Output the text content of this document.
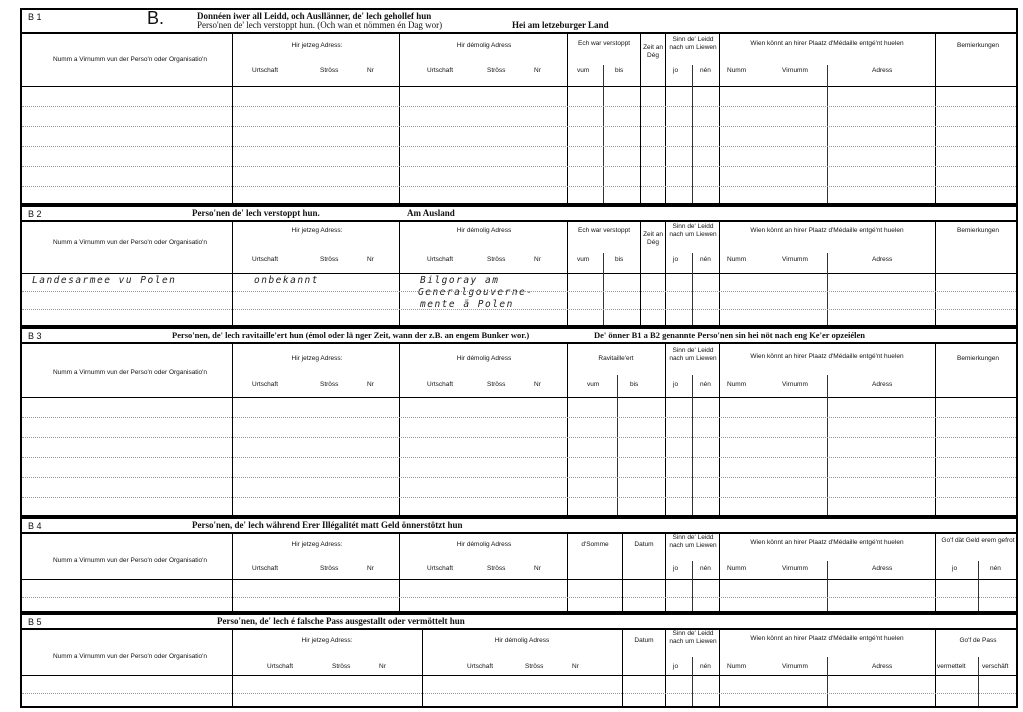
B 1	B.	Donnéen iwer all Leidd, och Ausllänner, de' lech gehollef hun
Perso'nen de' lech verstoppt hun. (Och wan et nömmen én Dag wor)	Hei am letzeburger Land
Numm a Virnumm vun der Perso'n oder Organisatio'n
Hir jetzeg Adress:
Urtschaft	Ströss	Nr
Hir démolig Adress
Urtschaft	Ströss	Nr
Ech war verstoppt
vum	bis
Zeit an Dég
Sinn de' Leidd nach um Liewen
jo	nén
Wien könnt an hirer Plaatz d'Médaille entgé'nt huelen
Numm	Virnumm	Adress
Bemierkungen
B 2	Perso'nen de' lech verstoppt hun.	Am Ausland
Numm a Virnumm vun der Perso'n oder Organisatio'n
Hir jetzeg Adress:
Urtschaft	Ströss	Nr
Hir démolig Adress
Urtschaft	Ströss	Nr
Ech war verstoppt
vum	bis
Zeit an Dég
Sinn de' Leidd nach um Liewen
jo	nén
Wien könnt an hirer Plaatz d'Médaille entgé'nt huelen
Numm	Virnumm	Adress
Bemierkungen
Landesarmee vu Polen	onbekannt	Bilgoray am
Generalgouverne-
mente ä Polen
B 3	Perso'nen, de' lech ravitaille'ert hun (émol oder lä nger Zeit, wann der z.B. an engem Bunker wor.)	De' önner B1 a B2 genannte Perso'nen sin hei nöt nach eng Ke'er opzeiélen
Numm a Virnumm vun der Perso'n oder Organisatio'n
Hir jetzeg Adress:
Urtschaft	Ströss	Nr
Hir démolig Adress
Urtschaft	Ströss	Nr
Ravitaille'ert
vum	bis
Sinn de' Leidd nach um Liewen
jo	nén
Wien könnt an hirer Plaatz d'Médaille entgé'nt huelen
Numm	Virnumm	Adress
Bemierkungen
B 4	Perso'nen, de' lech während Erer Illégalitét matt Geld önnerstötzt hun
Numm a Virnumm vun der Perso'n oder Organisatio'n
Hir jetzeg Adress:
Urtschaft	Ströss	Nr
Hir démolig Adress
Urtschaft	Ströss	Nr
d'Somme	Datum
Sinn de' Leidd nach um Liewen
jo	nén
Wien könnt an hirer Plaatz d'Médaille entgé'nt huelen
Numm	Virnumm	Adress
Go'f dät Geld erem gefrot
jo	nén
B 5	Perso'nen, de' lech é falsche Pass ausgestallt oder vermöttelt hun
Numm a Virnumm vun der Perso'n oder Organisatio'n
Hir jetzeg Adress:
Urtschaft	Ströss	Nr
Hir démolig Adress
Urtschaft	Ströss	Nr
Datum
Sinn de' Leidd nach um Liewen
jo	nén
Wien könnt an hirer Plaatz d'Médaille entgé'nt huelen
Numm	Virnumm	Adress
Go'f de Pass
vermettelt	verschäft
